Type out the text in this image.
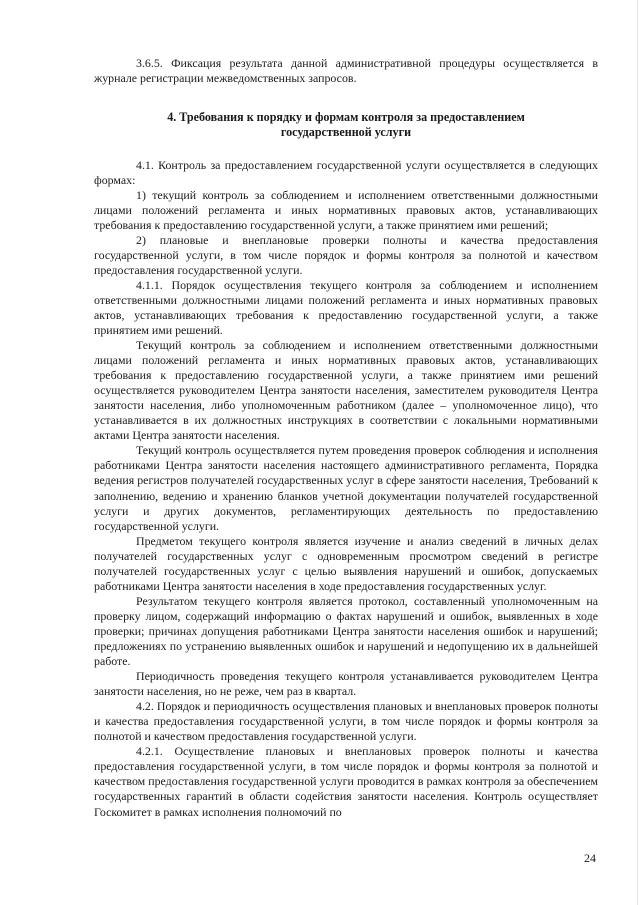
3.6.5. Фиксация результата данной административной процедуры осуществляется в журнале регистрации межведомственных запросов.

4. Требования к порядку и формам контроля за предоставлением государственной услуги

4.1. Контроль за предоставлением государственной услуги осуществляется в следующих формах:

1) текущий контроль за соблюдением и исполнением ответственными должностными лицами положений регламента и иных нормативных правовых актов, устанавливающих требования к предоставлению государственной услуги, а также принятием ими решений;

2) плановые и внеплановые проверки полноты и качества предоставления государственной услуги, в том числе порядок и формы контроля за полнотой и качеством предоставления государственной услуги.

4.1.1. Порядок осуществления текущего контроля за соблюдением и исполнением ответственными должностными лицами положений регламента и иных нормативных правовых актов, устанавливающих требования к предоставлению государственной услуги, а также принятием ими решений.

Текущий контроль за соблюдением и исполнением ответственными должностными лицами положений регламента и иных нормативных правовых актов, устанавливающих требования к предоставлению государственной услуги, а также принятием ими решений осуществляется руководителем Центра занятости населения, заместителем руководителя Центра занятости населения, либо уполномоченным работником (далее – уполномоченное лицо), что устанавливается в их должностных инструкциях в соответствии с локальными нормативными актами Центра занятости населения.

Текущий контроль осуществляется путем проведения проверок соблюдения и исполнения работниками Центра занятости населения настоящего административного регламента, Порядка ведения регистров получателей государственных услуг в сфере занятости населения, Требований к заполнению, ведению и хранению бланков учетной документации получателей государственной услуги и других документов, регламентирующих деятельность по предоставлению государственной услуги.

Предметом текущего контроля является изучение и анализ сведений в личных делах получателей государственных услуг с одновременным просмотром сведений в регистре получателей государственных услуг с целью выявления нарушений и ошибок, допускаемых работниками Центра занятости населения в ходе предоставления государственных услуг.

Результатом текущего контроля является протокол, составленный уполномоченным на проверку лицом, содержащий информацию о фактах нарушений и ошибок, выявленных в ходе проверки; причинах допущения работниками Центра занятости населения ошибок и нарушений; предложениях по устранению выявленных ошибок и нарушений и недопущению их в дальнейшей работе.

Периодичность проведения текущего контроля устанавливается руководителем Центра занятости населения, но не реже, чем раз в квартал.

4.2. Порядок и периодичность осуществления плановых и внеплановых проверок полноты и качества предоставления государственной услуги, в том числе порядок и формы контроля за полнотой и качеством предоставления государственной услуги.

4.2.1. Осуществление плановых и внеплановых проверок полноты и качества предоставления государственной услуги, в том числе порядок и формы контроля за полнотой и качеством предоставления государственной услуги проводится в рамках контроля за обеспечением государственных гарантий в области содействия занятости населения. Контроль осуществляет Госкомитет в рамках исполнения полномочий по

24
